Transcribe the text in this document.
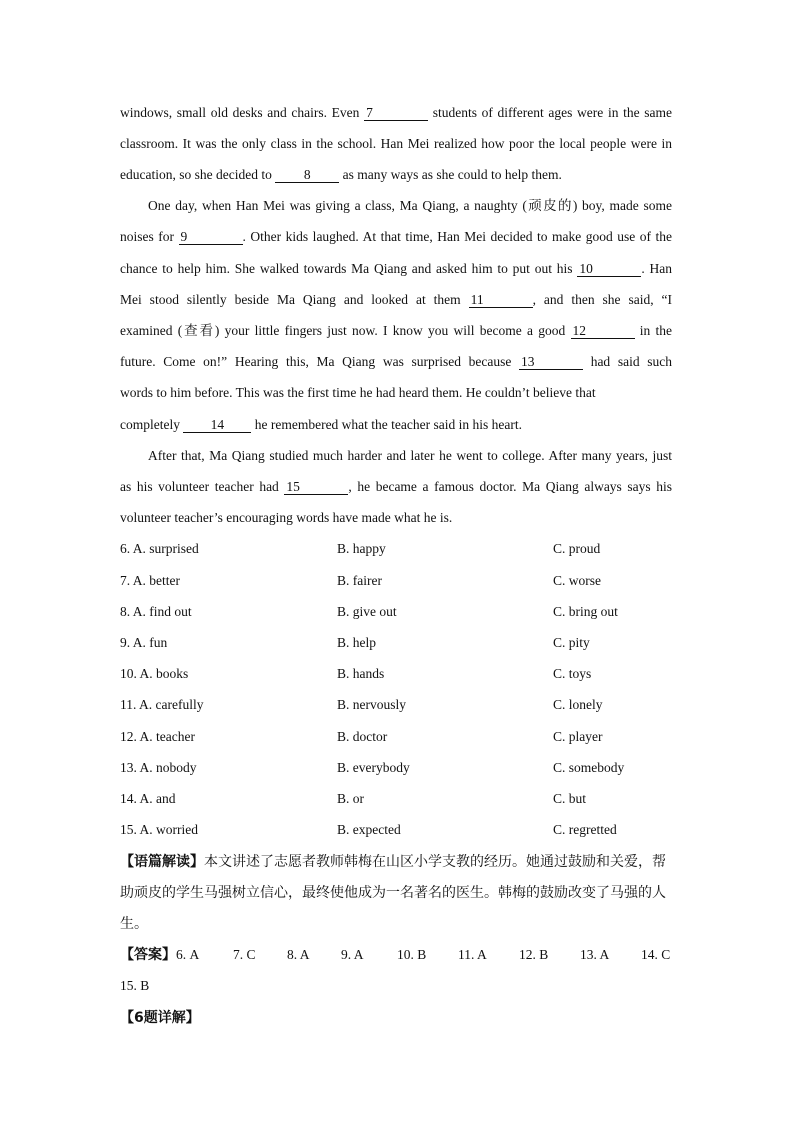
windows, small old desks and chairs. Even 7	students of different ages were in the same
classroom. It was the only class in the school. Han Mei realized how poor the local people were in
education, so she decided to 8 as many ways as she could to help them.
One day, when Han Mei was giving a class, Ma Qiang, a naughty (顽皮的) boy, made some
noises for 9	. Other kids laughed. At that time, Han Mei decided to make good use of the
chance to help him. She walked towards Ma Qiang and asked him to put out his 10	. Han
Mei stood silently beside Ma Qiang and looked at them 11	, and then she said, “I
examined (查看) your little fingers just now. I know you will become a good 12	in the
future. Come on!” Hearing this, Ma Qiang was surprised because 13	had said such
words to him before. This was the first time he had heard them. He couldn’t believe that
completely 14 he remembered what the teacher said in his heart.
After that, Ma Qiang studied much harder and later he went to college. After many years, just
as his volunteer teacher had 15	, he became a famous doctor. Ma Qiang always says his
volunteer teacher’s encouraging words have made what he is.
6. A. surprised	B. happy	C. proud
7. A. better	B. fairer	C. worse
8. A. find out	B. give out	C. bring out
9. A. fun	B. help	C. pity
10. A. books	B. hands	C. toys
11. A. carefully	B. nervously	C. lonely
12. A. teacher	B. doctor	C. player
13. A. nobody	B. everybody	C. somebody
14. A. and	B. or	C. but
15. A. worried	B. expected	C. regretted
【语篇解读】本文讲述了志愿者教师韩梅在山区小学支教的经历。她通过鼓励和关爱，帮
助顽皮的学生马强树立信心，最终使他成为一名著名的医生。韩梅的鼓励改变了马强的人
生。
【答案】6. A	7. C 8. A 9. A 10. B 11. A 12. B 13. A 14. C
15. B
【6题详解】
